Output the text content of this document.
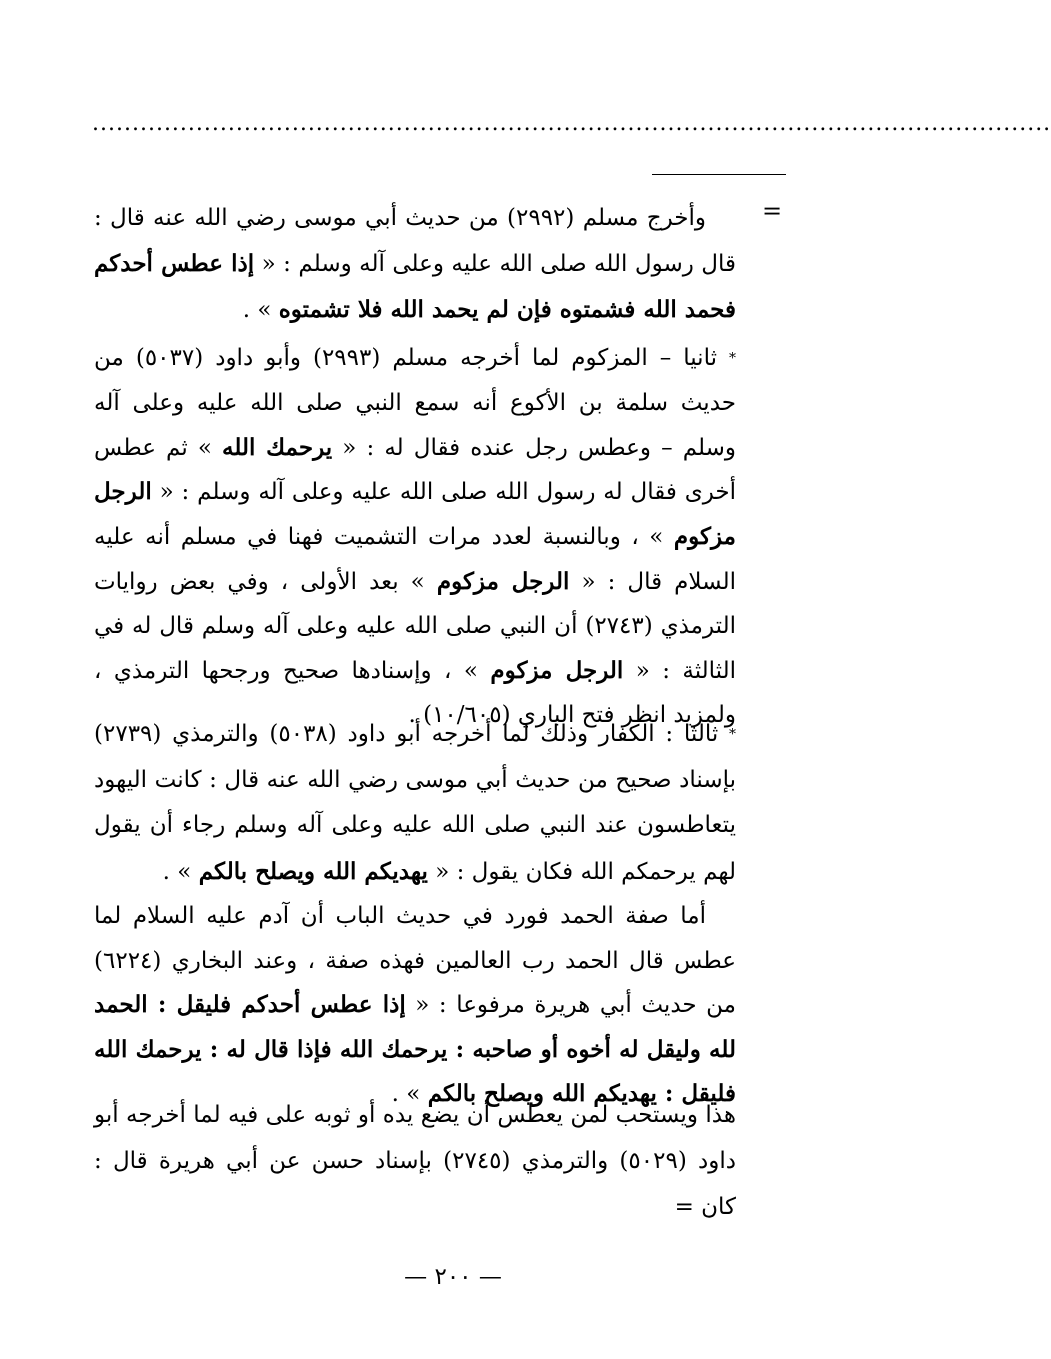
........................................................................................................................
=
وأخرج مسلم (٢٩٩٢) من حديث أبي موسى رضي الله عنه قال : قال رسول الله صلى الله عليه وعلى آله وسلم : « إذا عطس أحدكم فحمد الله فشمتوه فإن لم يحمد الله فلا تشمتوه » .
* ثانيا – المزكوم لما أخرجه مسلم (٢٩٩٣) وأبو داود (٥٠٣٧) من حديث سلمة بن الأكوع أنه سمع النبي صلى الله عليه وعلى آله وسلم – وعطس رجل عنده فقال له : « يرحمك الله » ثم عطس أخرى فقال له رسول الله صلى الله عليه وعلى آله وسلم : « الرجل مزكوم » ، وبالنسبة لعدد مرات التشميت فهنا في مسلم أنه عليه السلام قال : « الرجل مزكوم » بعد الأولى ، وفي بعض روايات الترمذي (٢٧٤٣) أن النبي صلى الله عليه وعلى آله وسلم قال له في الثالثة : « الرجل مزكوم » ، وإسنادها صحيح ورجحها الترمذي ، ولمزيد انظر فتح الباري (١٠/٦٠٥) .
* ثالثا : الكفار وذلك لما أخرجه أبو داود (٥٠٣٨) والترمذي (٢٧٣٩) بإسناد صحيح من حديث أبي موسى رضي الله عنه قال : كانت اليهود يتعاطسون عند النبي صلى الله عليه وعلى آله وسلم رجاء أن يقول لهم يرحمكم الله فكان يقول : « يهديكم الله ويصلح بالكم » .
أما صفة الحمد فورد في حديث الباب أن آدم عليه السلام لما عطس قال الحمد رب العالمين فهذه صفة ، وعند البخاري (٦٢٢٤) من حديث أبي هريرة مرفوعا : « إذا عطس أحدكم فليقل : الحمد لله وليقل له أخوه أو صاحبه : يرحمك الله فإذا قال له : يرحمك الله فليقل : يهديكم الله ويصلح بالكم » .
هذا ويستحب لمن يعطس أن يضع يده أو ثوبه على فيه لما أخرجه أبو داود (٥٠٢٩) والترمذي (٢٧٤٥) بإسناد حسن عن أبي هريرة قال : كان =
— ٢٠٠ —
